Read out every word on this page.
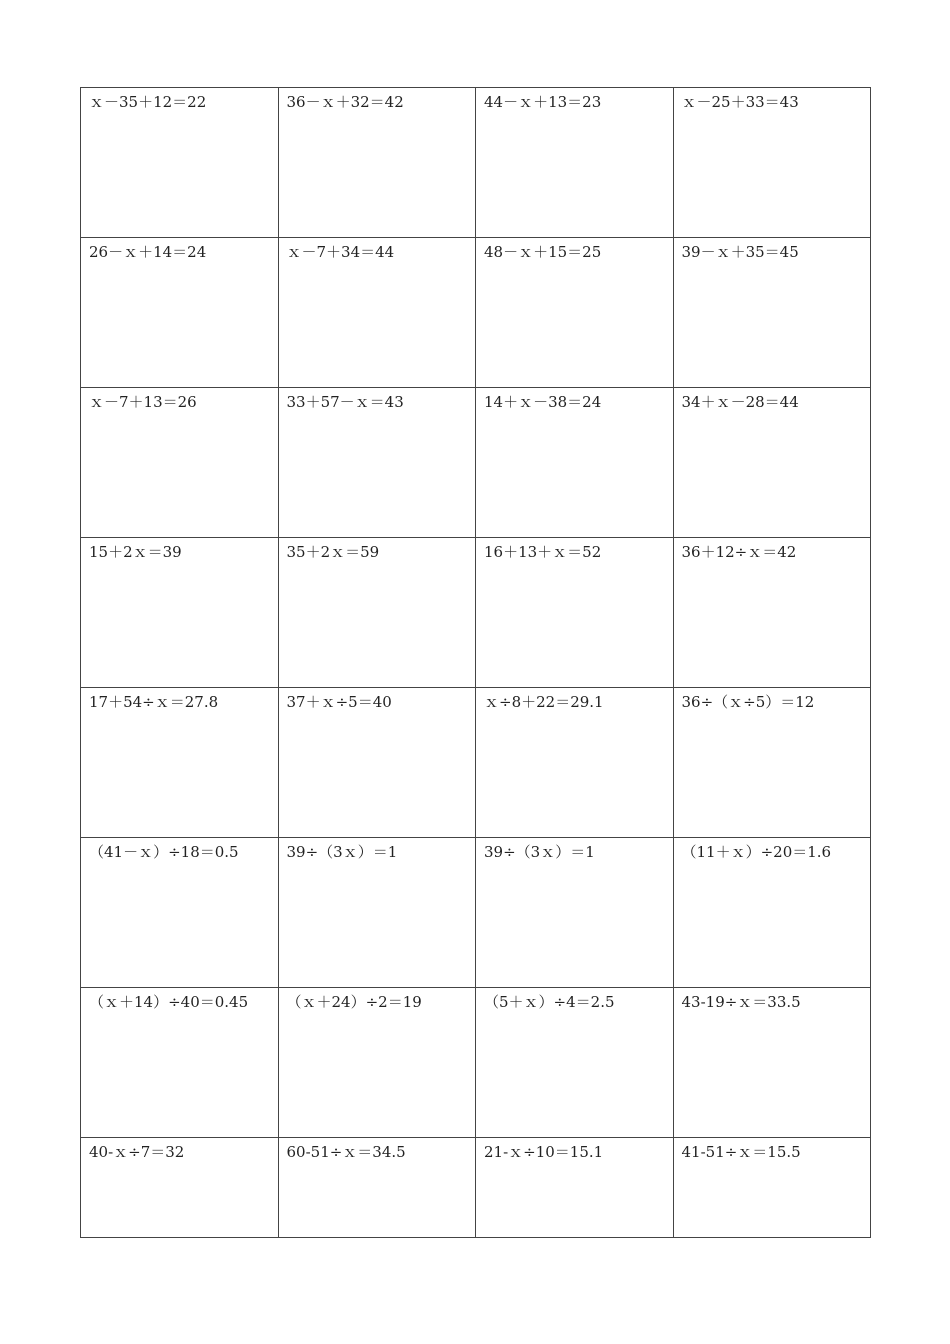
ｘ－35＋12＝22	36－ｘ＋32＝42	44－ｘ＋13＝23	ｘ－25＋33＝43
26－ｘ＋14＝24	ｘ－7＋34＝44	48－ｘ＋15＝25	39－ｘ＋35＝45
ｘ－7＋13＝26	33＋57－ｘ＝43	14＋ｘ－38＝24	34＋ｘ－28＝44
15＋2ｘ＝39	35＋2ｘ＝59	16＋13＋ｘ＝52	36＋12÷ｘ＝42
17＋54÷ｘ＝27.8	37＋ｘ÷5＝40	ｘ÷8＋22＝29.1	36÷（ｘ÷5）＝12
（41－ｘ）÷18＝0.5	39÷（3ｘ）＝1	39÷（3ｘ）＝1	（11＋ｘ）÷20＝1.6
（ｘ＋14）÷40＝0.45	（ｘ＋24）÷2＝19	（5＋ｘ）÷4＝2.5	43-19÷ｘ＝33.5
40-ｘ÷7＝32	60-51÷ｘ＝34.5	21-ｘ÷10＝15.1	41-51÷ｘ＝15.5
